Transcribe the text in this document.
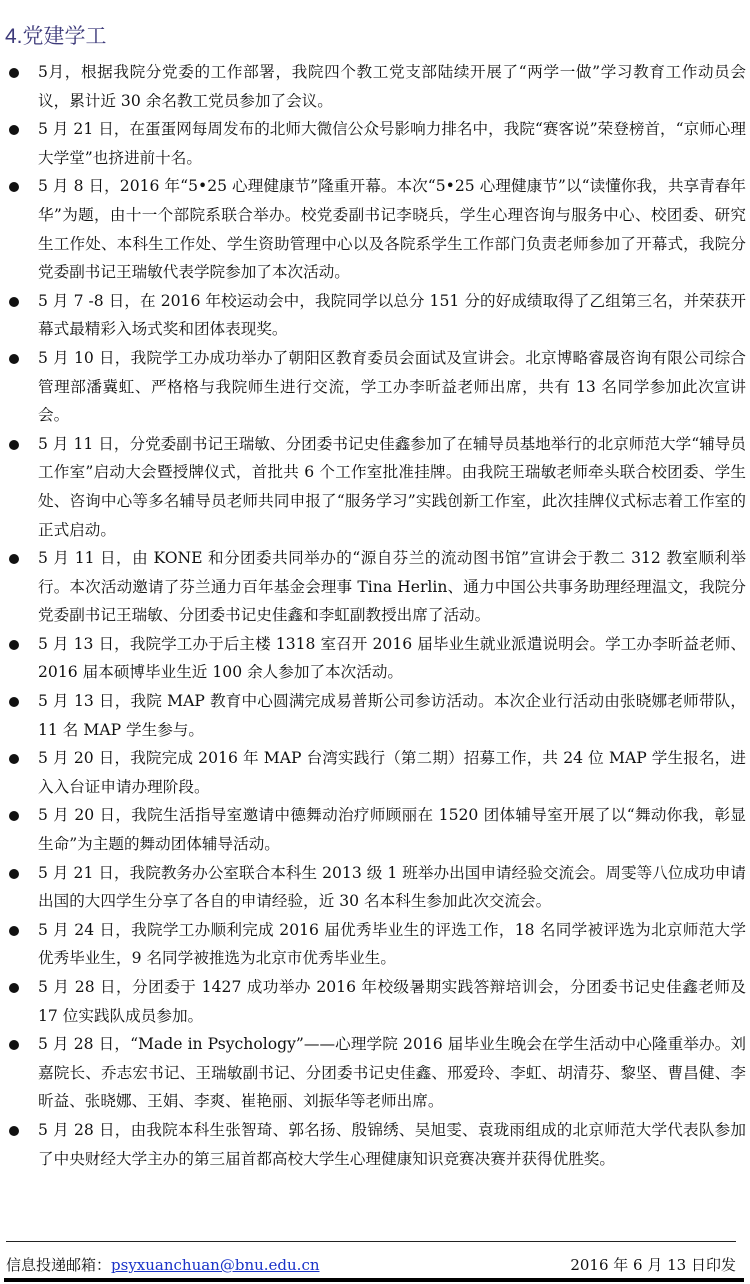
4.党建学工
5月，根据我院分党委的工作部署，我院四个教工党支部陆续开展了“两学一做”学习教育工作动员会议，累计近 30 余名教工党员参加了会议。
5 月 21 日，在蛋蛋网每周发布的北师大微信公众号影响力排名中，我院“赛客说”荣登榜首，“京师心理大学堂”也挤进前十名。
5 月 8 日，2016 年“5•25 心理健康节”隆重开幕。本次“5•25 心理健康节”以“读懂你我，共享青春年华”为题，由十一个部院系联合举办。校党委副书记李晓兵，学生心理咨询与服务中心、校团委、研究生工作处、本科生工作处、学生资助管理中心以及各院系学生工作部门负责老师参加了开幕式，我院分党委副书记王瑞敏代表学院参加了本次活动。
5 月 7 -8 日，在 2016 年校运动会中，我院同学以总分 151 分的好成绩取得了乙组第三名，并荣获开幕式最精彩入场式奖和团体表现奖。
5 月 10 日，我院学工办成功举办了朝阳区教育委员会面试及宣讲会。北京博略睿晟咨询有限公司综合管理部潘冀虹、严格格与我院师生进行交流，学工办李昕益老师出席，共有 13 名同学参加此次宣讲会。
5 月 11 日，分党委副书记王瑞敏、分团委书记史佳鑫参加了在辅导员基地举行的北京师范大学“辅导员工作室”启动大会暨授牌仪式，首批共 6 个工作室批准挂牌。由我院王瑞敏老师牵头联合校团委、学生处、咨询中心等多名辅导员老师共同申报了“服务学习”实践创新工作室，此次挂牌仪式标志着工作室的正式启动。
5 月 11 日，由 KONE 和分团委共同举办的“源自芬兰的流动图书馆”宣讲会于教二 312 教室顺利举行。本次活动邀请了芬兰通力百年基金会理事 Tina Herlin、通力中国公共事务助理经理温文，我院分党委副书记王瑞敏、分团委书记史佳鑫和李虹副教授出席了活动。
5 月 13 日，我院学工办于后主楼 1318 室召开 2016 届毕业生就业派遣说明会。学工办李昕益老师、2016 届本硕博毕业生近 100 余人参加了本次活动。
5 月 13 日，我院 MAP 教育中心圆满完成易普斯公司参访活动。本次企业行活动由张晓娜老师带队，11 名 MAP 学生参与。
5 月 20 日，我院完成 2016 年 MAP 台湾实践行（第二期）招募工作，共 24 位 MAP 学生报名，进入入台证申请办理阶段。
5 月 20 日，我院生活指导室邀请中德舞动治疗师顾丽在 1520 团体辅导室开展了以“舞动你我，彰显生命”为主题的舞动团体辅导活动。
5 月 21 日，我院教务办公室联合本科生 2013 级 1 班举办出国申请经验交流会。周雯等八位成功申请出国的大四学生分享了各自的申请经验，近 30 名本科生参加此次交流会。
5 月 24 日，我院学工办顺利完成 2016 届优秀毕业生的评选工作，18 名同学被评选为北京师范大学优秀毕业生，9 名同学被推选为北京市优秀毕业生。
5 月 28 日，分团委于 1427 成功举办 2016 年校级暑期实践答辩培训会，分团委书记史佳鑫老师及 17 位实践队成员参加。
5 月 28 日，“Made in Psychology”——心理学院 2016 届毕业生晚会在学生活动中心隆重举办。刘嘉院长、乔志宏书记、王瑞敏副书记、分团委书记史佳鑫、邢爱玲、李虹、胡清芬、黎坚、曹昌健、李昕益、张晓娜、王娟、李爽、崔艳丽、刘振华等老师出席。
5 月 28 日，由我院本科生张智琦、郭名扬、殷锦绣、吴旭雯、袁珑雨组成的北京师范大学代表队参加了中央财经大学主办的第三届首都高校大学生心理健康知识竞赛决赛并获得优胜奖。
信息投递邮箱：psyxuanchuan@bnu.edu.cn	2016 年 6 月 13 日印发
